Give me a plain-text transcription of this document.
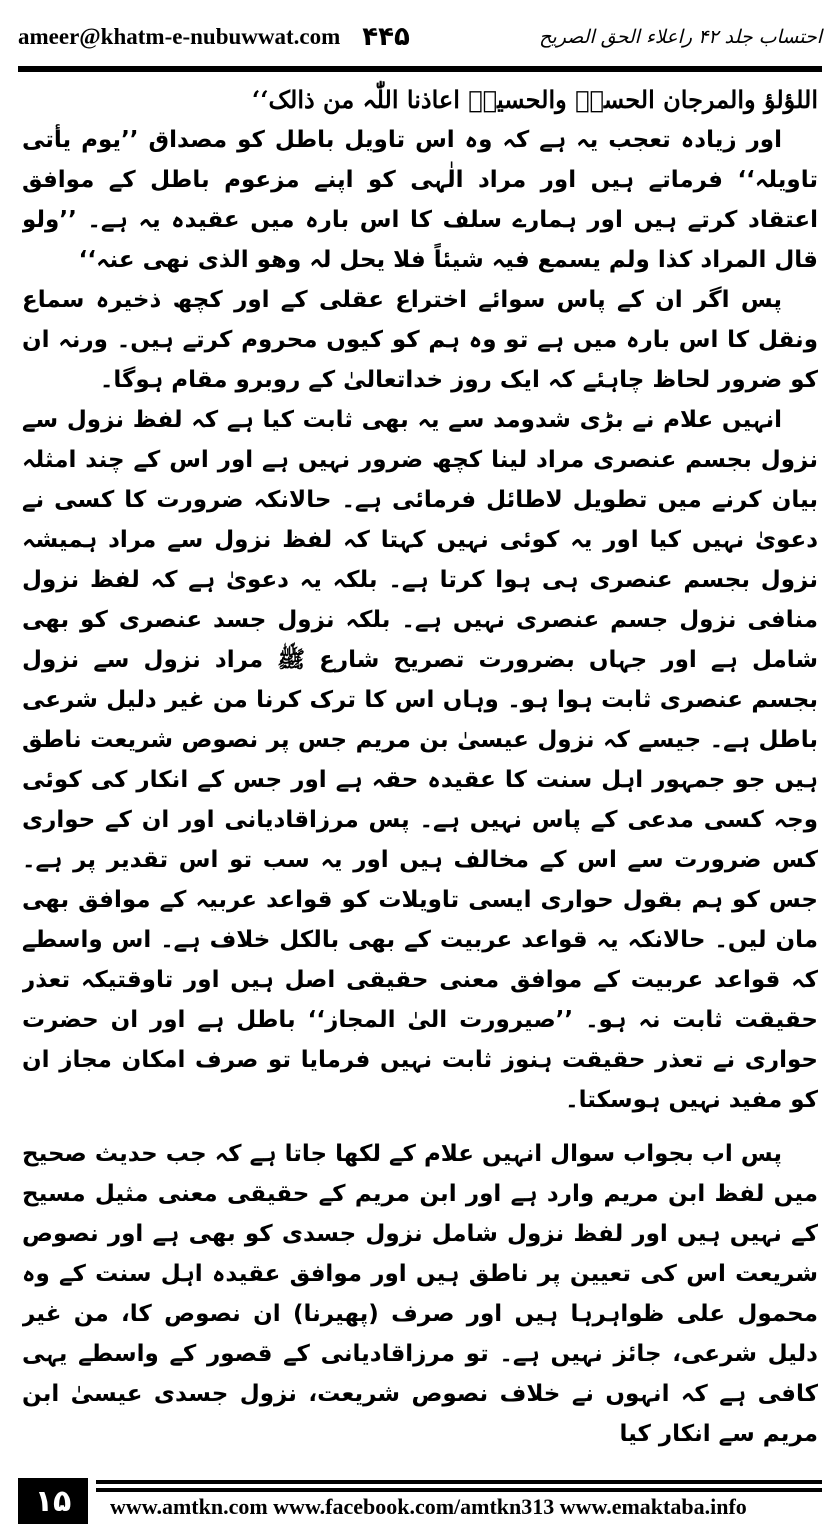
ameer@khatm-e-nubuwwat.com ۴۴۵	احتساب جلد ۴۲ راعلاء الحق الصریح

اللؤلؤ والمرجان الحسنؓ والحسینؓ اعاذنا اللّٰہ من ذالک‘‘

اور زیادہ تعجب یہ ہے کہ وہ اس تاویل باطل کو مصداق ’’یوم یأتی تاویلہ‘‘ فرماتے ہیں اور مراد الٰہی کو اپنے مزعوم باطل کے موافق اعتقاد کرتے ہیں اور ہمارے سلف کا اس بارہ میں عقیدہ یہ ہے۔ ’’ولو قال المراد کذا ولم یسمع فیہ شیئاً فلا یحل لہ وھو الذی نھی عنہ‘‘

پس اگر ان کے پاس سوائے اختراع عقلی کے اور کچھ ذخیرہ سماع ونقل کا اس بارہ میں ہے تو وہ ہم کو کیوں محروم کرتے ہیں۔ ورنہ ان کو ضرور لحاظ چاہئے کہ ایک روز خداتعالیٰ کے روبرو مقام ہوگا۔

انہیں علام نے بڑی شدومد سے یہ بھی ثابت کیا ہے کہ لفظ نزول سے نزول بجسم عنصری مراد لینا کچھ ضرور نہیں ہے اور اس کے چند امثلہ بیان کرنے میں تطویل لاطائل فرمائی ہے۔ حالانکہ ضرورت کا کسی نے دعویٰ نہیں کیا اور یہ کوئی نہیں کہتا کہ لفظ نزول سے مراد ہمیشہ نزول بجسم عنصری ہی ہوا کرتا ہے۔ بلکہ یہ دعویٰ ہے کہ لفظ نزول منافی نزول جسم عنصری نہیں ہے۔ بلکہ نزول جسد عنصری کو بھی شامل ہے اور جہاں بضرورت تصریح شارع ﷺ مراد نزول سے نزول بجسم عنصری ثابت ہوا ہو۔ وہاں اس کا ترک کرنا من غیر دلیل شرعی باطل ہے۔ جیسے کہ نزول عیسیٰ بن مریم جس پر نصوص شریعت ناطق ہیں جو جمہور اہل سنت کا عقیدہ حقہ ہے اور جس کے انکار کی کوئی وجہ کسی مدعی کے پاس نہیں ہے۔ پس مرزاقادیانی اور ان کے حواری کس ضرورت سے اس کے مخالف ہیں اور یہ سب تو اس تقدیر پر ہے۔ جس کو ہم بقول حواری ایسی تاویلات کو قواعد عربیہ کے موافق بھی مان لیں۔ حالانکہ یہ قواعد عربیت کے بھی بالکل خلاف ہے۔ اس واسطے کہ قواعد عربیت کے موافق معنی حقیقی اصل ہیں اور تاوقتیکہ تعذر حقیقت ثابت نہ ہو۔ ’’صیرورت الیٰ المجاز‘‘ باطل ہے اور ان حضرت حواری نے تعذر حقیقت ہنوز ثابت نہیں فرمایا تو صرف امکان مجاز ان کو مفید نہیں ہوسکتا۔

پس اب بجواب سوال انہیں علام کے لکھا جاتا ہے کہ جب حدیث صحیح میں لفظ ابن مریم وارد ہے اور ابن مریم کے حقیقی معنی مثیل مسیح کے نہیں ہیں اور لفظ نزول شامل نزول جسدی کو بھی ہے اور نصوص شریعت اس کی تعیین پر ناطق ہیں اور موافق عقیدہ اہل سنت کے وہ محمول علی ظواہرہا ہیں اور صرف (پھیرنا) ان نصوص کا، من غیر دلیل شرعی، جائز نہیں ہے۔ تو مرزاقادیانی کے قصور کے واسطے یہی کافی ہے کہ انہوں نے خلاف نصوص شریعت، نزول جسدی عیسیٰ ابن مریم سے انکار کیا

۱۵	www.amtkn.com www.facebook.com/amtkn313 www.emaktaba.info
